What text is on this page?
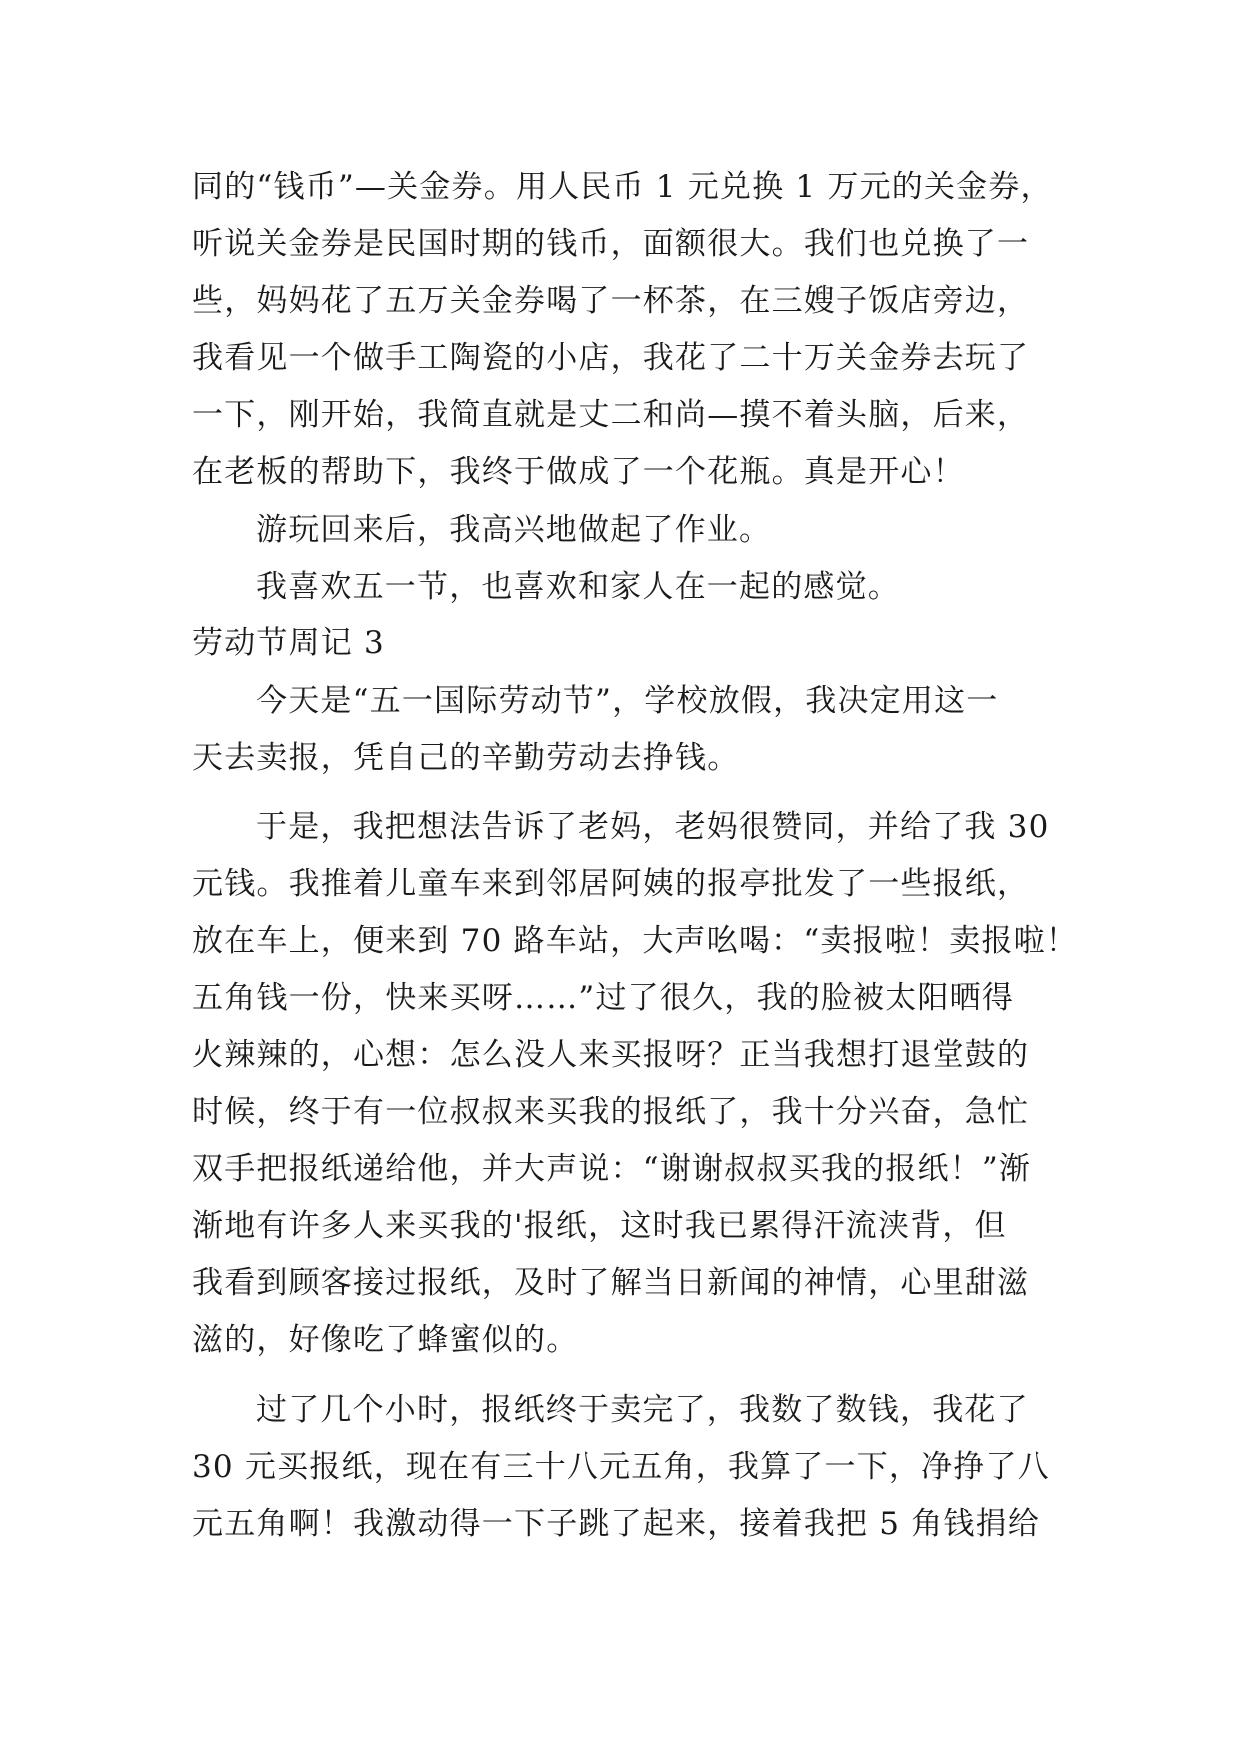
同的“钱币”—关金券。用人民币 1 元兑换 1 万元的关金券，
听说关金券是民国时期的钱币，面额很大。我们也兑换了一
些，妈妈花了五万关金券喝了一杯茶，在三嫂子饭店旁边，
我看见一个做手工陶瓷的小店，我花了二十万关金券去玩了
一下，刚开始，我简直就是丈二和尚—摸不着头脑，后来，
在老板的帮助下，我终于做成了一个花瓶。真是开心！
游玩回来后，我高兴地做起了作业。
我喜欢五一节，也喜欢和家人在一起的感觉。
劳动节周记 3
今天是“五一国际劳动节”，学校放假，我决定用这一
天去卖报，凭自己的辛勤劳动去挣钱。
于是，我把想法告诉了老妈，老妈很赞同，并给了我 30
元钱。我推着儿童车来到邻居阿姨的报亭批发了一些报纸，
放在车上，便来到 70 路车站，大声吆喝：“卖报啦！卖报啦！
五角钱一份，快来买呀……”过了很久，我的脸被太阳晒得
火辣辣的，心想：怎么没人来买报呀？正当我想打退堂鼓的
时候，终于有一位叔叔来买我的报纸了，我十分兴奋，急忙
双手把报纸递给他，并大声说：“谢谢叔叔买我的报纸！”渐
渐地有许多人来买我的'报纸，这时我已累得汗流浃背，但
我看到顾客接过报纸，及时了解当日新闻的神情，心里甜滋
滋的，好像吃了蜂蜜似的。
过了几个小时，报纸终于卖完了，我数了数钱，我花了
30 元买报纸，现在有三十八元五角，我算了一下，净挣了八
元五角啊！我激动得一下子跳了起来，接着我把 5 角钱捐给
